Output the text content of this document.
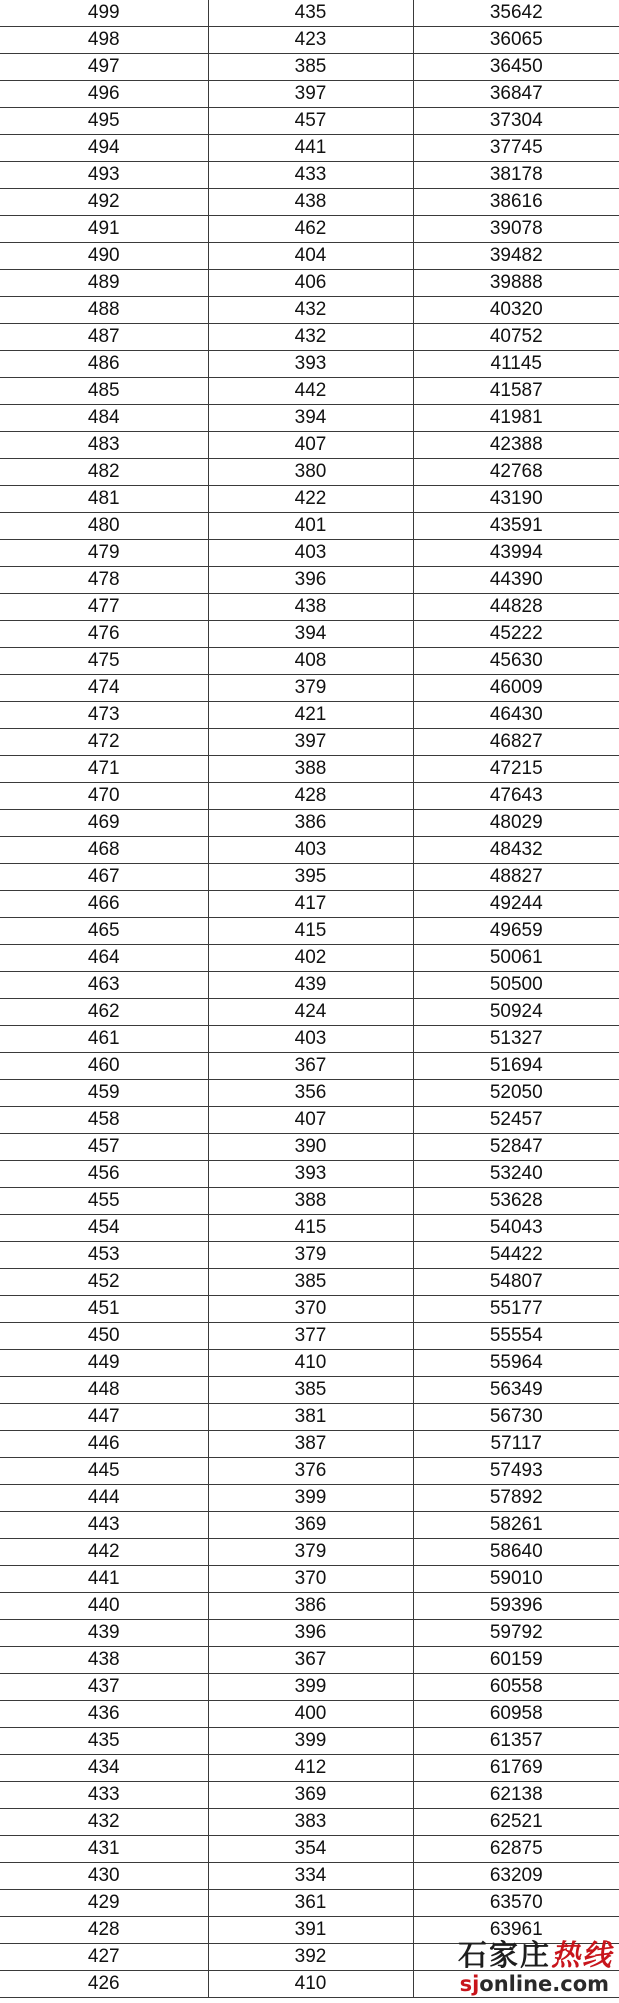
499	435	35642
498	423	36065
497	385	36450
496	397	36847
495	457	37304
494	441	37745
493	433	38178
492	438	38616
491	462	39078
490	404	39482
489	406	39888
488	432	40320
487	432	40752
486	393	41145
485	442	41587
484	394	41981
483	407	42388
482	380	42768
481	422	43190
480	401	43591
479	403	43994
478	396	44390
477	438	44828
476	394	45222
475	408	45630
474	379	46009
473	421	46430
472	397	46827
471	388	47215
470	428	47643
469	386	48029
468	403	48432
467	395	48827
466	417	49244
465	415	49659
464	402	50061
463	439	50500
462	424	50924
461	403	51327
460	367	51694
459	356	52050
458	407	52457
457	390	52847
456	393	53240
455	388	53628
454	415	54043
453	379	54422
452	385	54807
451	370	55177
450	377	55554
449	410	55964
448	385	56349
447	381	56730
446	387	57117
445	376	57493
444	399	57892
443	369	58261
442	379	58640
441	370	59010
440	386	59396
439	396	59792
438	367	60159
437	399	60558
436	400	60958
435	399	61357
434	412	61769
433	369	62138
432	383	62521
431	354	62875
430	334	63209
429	361	63570
428	391	63961
427	392	
426	410	
石家庄热线
sjonline.com
